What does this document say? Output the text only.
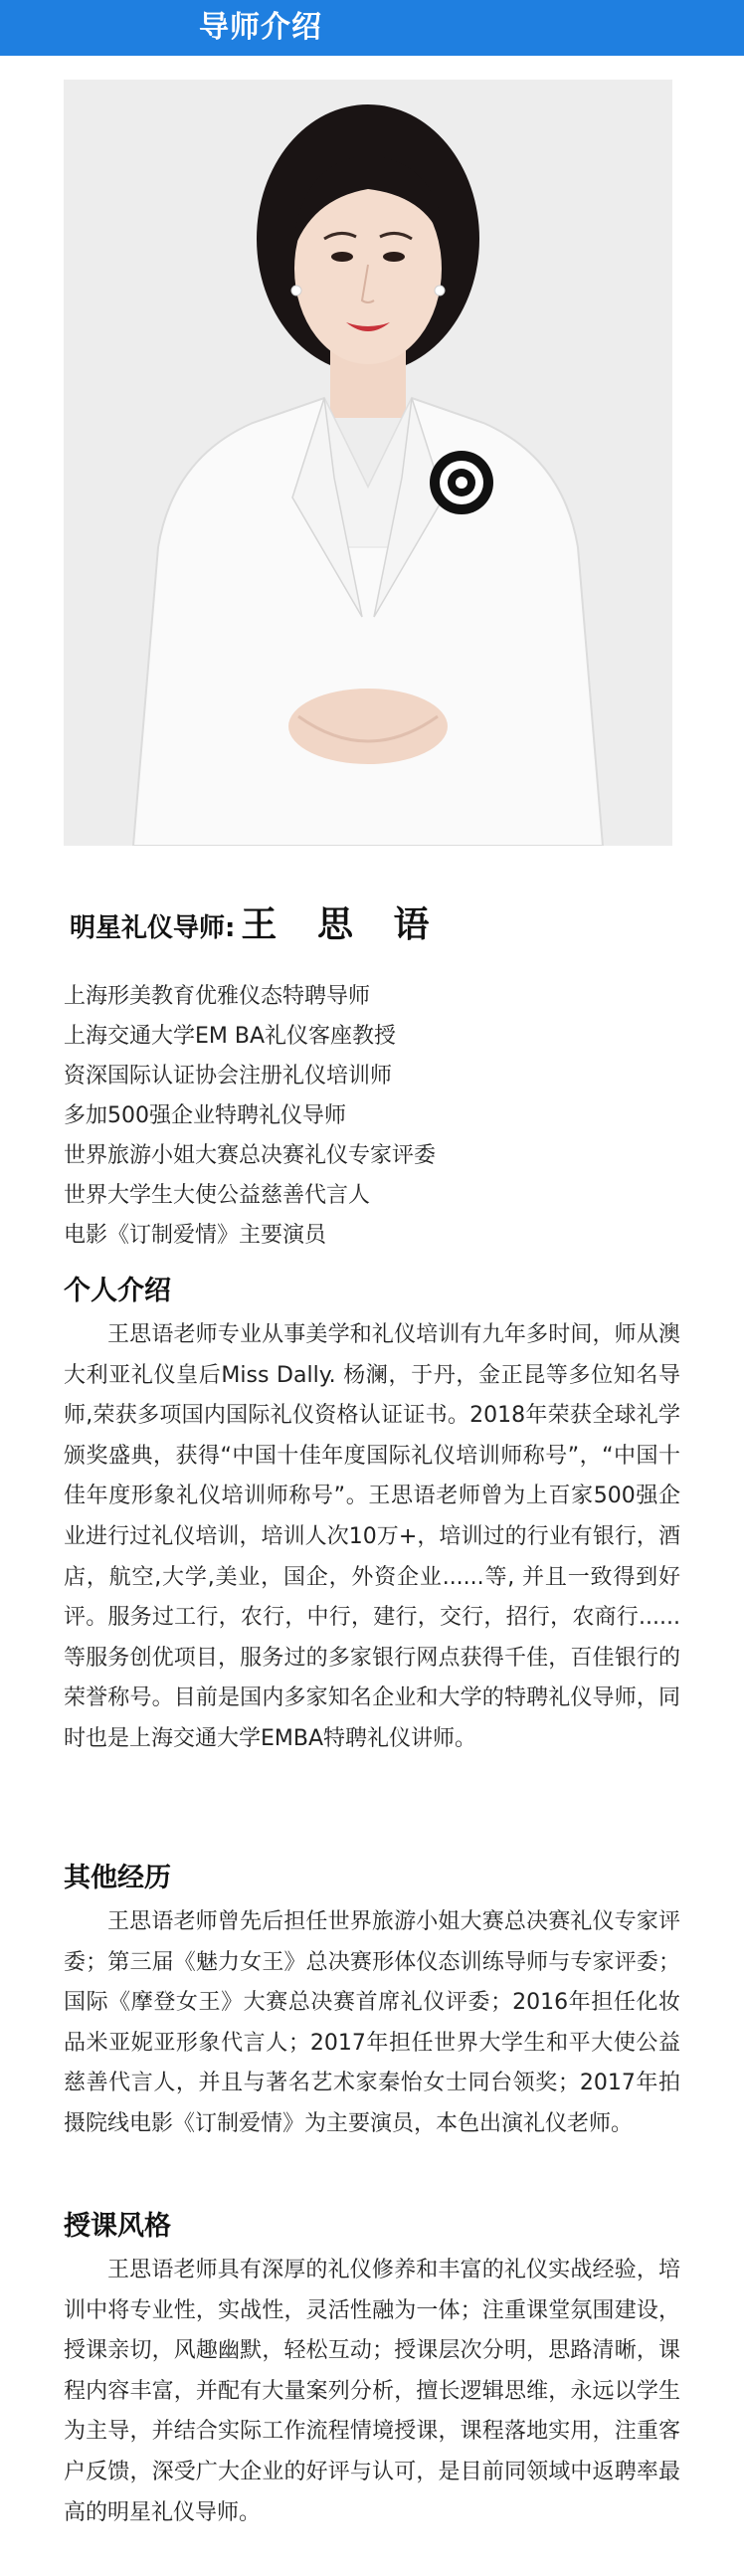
导师介绍
明星礼仪导师: 王 思 语
上海形美教育优雅仪态特聘导师
上海交通大学EM BA礼仪客座教授
资深国际认证协会注册礼仪培训师
多加500强企业特聘礼仪导师
世界旅游小姐大赛总决赛礼仪专家评委
世界大学生大使公益慈善代言人
电影《订制爱情》主要演员
个人介绍

王思语老师专业从事美学和礼仪培训有九年多时间，师从澳大利亚礼仪皇后Miss Dally. 杨澜，于丹，金正昆等多位知名导师,荣获多项国内国际礼仪资格认证证书。2018年荣获全球礼学颁奖盛典，获得“中国十佳年度国际礼仪培训师称号”，“中国十佳年度形象礼仪培训师称号”。王思语老师曾为上百家500强企业进行过礼仪培训，培训人次10万+，培训过的行业有银行，酒店，航空,大学,美业，国企，外资企业......等, 并且一致得到好评。服务过工行，农行，中行，建行，交行，招行，农商行......等服务创优项目，服务过的多家银行网点获得千佳，百佳银行的荣誉称号。目前是国内多家知名企业和大学的特聘礼仪导师，同时也是上海交通大学EMBA特聘礼仪讲师。

其他经历

王思语老师曾先后担任世界旅游小姐大赛总决赛礼仪专家评委；第三届《魅力女王》总决赛形体仪态训练导师与专家评委；国际《摩登女王》大赛总决赛首席礼仪评委；2016年担任化妆品米亚妮亚形象代言人；2017年担任世界大学生和平大使公益慈善代言人，并且与著名艺术家秦怡女士同台领奖；2017年拍摄院线电影《订制爱情》为主要演员，本色出演礼仪老师。

授课风格

王思语老师具有深厚的礼仪修养和丰富的礼仪实战经验，培训中将专业性，实战性，灵活性融为一体；注重课堂氛围建设，授课亲切，风趣幽默，轻松互动；授课层次分明，思路清晰，课程内容丰富，并配有大量案列分析，擅长逻辑思维，永远以学生为主导，并结合实际工作流程情境授课，课程落地实用，注重客户反馈，深受广大企业的好评与认可，是目前同领域中返聘率最高的明星礼仪导师。
